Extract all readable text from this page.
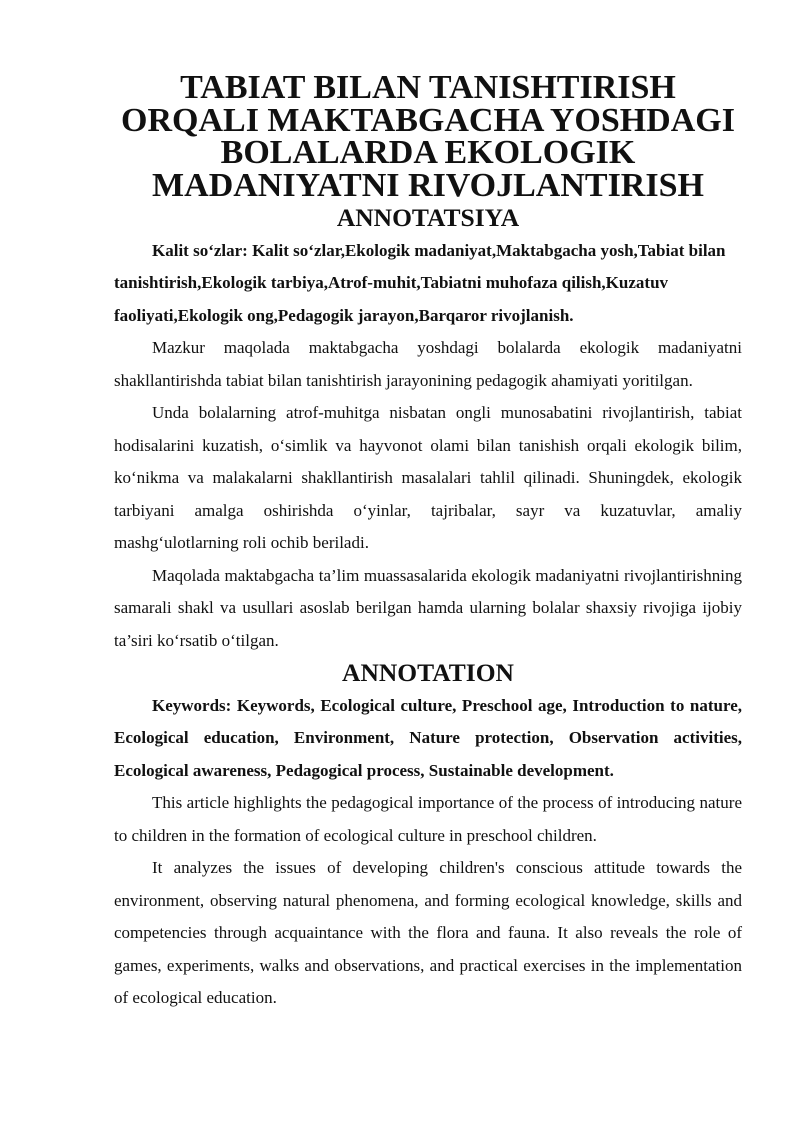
TABIAT BILAN TANISHTIRISH ORQALI MAKTABGACHA YOSHDAGI
BOLALARDA EKOLOGIK MADANIYATNI RIVOJLANTIRISH
ANNOTATSIYA

Kalit so‘zlar: Kalit so‘zlar,Ekologik madaniyat,Maktabgacha yosh,Tabiat bilan tanishtirish,Ekologik tarbiya,Atrof-muhit,Tabiatni muhofaza qilish,Kuzatuv faoliyati,Ekologik ong,Pedagogik jarayon,Barqaror rivojlanish.

Mazkur maqolada maktabgacha yoshdagi bolalarda ekologik madaniyatni shakllantirishda tabiat bilan tanishtirish jarayonining pedagogik ahamiyati yoritilgan.

Unda bolalarning atrof-muhitga nisbatan ongli munosabatini rivojlantirish, tabiat hodisalarini kuzatish, o‘simlik va hayvonot olami bilan tanishish orqali ekologik bilim, ko‘nikma va malakalarni shakllantirish masalalari tahlil qilinadi. Shuningdek, ekologik tarbiyani amalga oshirishda o‘yinlar, tajribalar, sayr va kuzatuvlar, amaliy mashg‘ulotlarning roli ochib beriladi.

Maqolada maktabgacha ta’lim muassasalarida ekologik madaniyatni rivojlantirishning samarali shakl va usullari asoslab berilgan hamda ularning bolalar shaxsiy rivojiga ijobiy ta’siri ko‘rsatib o‘tilgan.

ANNOTATION

Keywords: Keywords, Ecological culture, Preschool age, Introduction to nature, Ecological education, Environment, Nature protection, Observation activities, Ecological awareness, Pedagogical process, Sustainable development.

This article highlights the pedagogical importance of the process of introducing nature to children in the formation of ecological culture in preschool children.

It analyzes the issues of developing children's conscious attitude towards the environment, observing natural phenomena, and forming ecological knowledge, skills and competencies through acquaintance with the flora and fauna. It also reveals the role of games, experiments, walks and observations, and practical exercises in the implementation of ecological education.
